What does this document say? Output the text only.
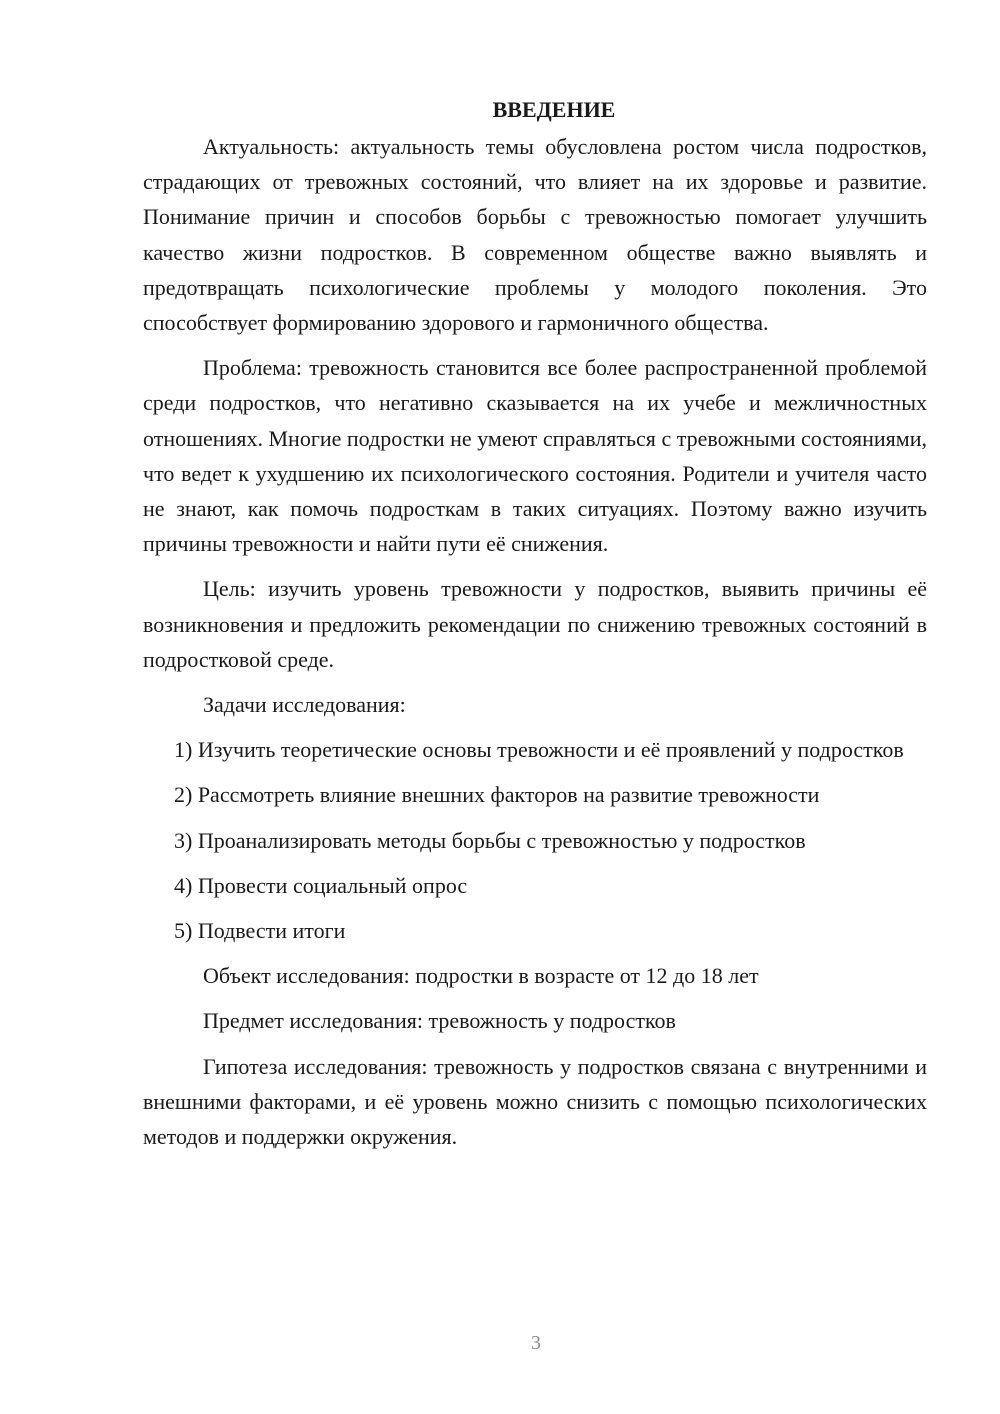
ВВЕДЕНИЕ

Актуальность: актуальность темы обусловлена ростом числа подростков, страдающих от тревожных состояний, что влияет на их здоровье и развитие. Понимание причин и способов борьбы с тревожностью помогает улучшить качество жизни подростков. В современном обществе важно выявлять и предотвращать психологические проблемы у молодого поколения. Это способствует формированию здорового и гармоничного общества.

Проблема: тревожность становится все более распространенной проблемой среди подростков, что негативно сказывается на их учебе и межличностных отношениях. Многие подростки не умеют справляться с тревожными состояниями, что ведет к ухудшению их психологического состояния. Родители и учителя часто не знают, как помочь подросткам в таких ситуациях. Поэтому важно изучить причины тревожности и найти пути её снижения.

Цель: изучить уровень тревожности у подростков, выявить причины её возникновения и предложить рекомендации по снижению тревожных состояний в подростковой среде.

Задачи исследования:

1) Изучить теоретические основы тревожности и её проявлений у подростков

2) Рассмотреть влияние внешних факторов на развитие тревожности

3) Проанализировать методы борьбы с тревожностью у подростков

4) Провести социальный опрос

5) Подвести итоги

Объект исследования: подростки в возрасте от 12 до 18 лет

Предмет исследования: тревожность у подростков

Гипотеза исследования: тревожность у подростков связана с внутренними и внешними факторами, и её уровень можно снизить с помощью психологических методов и поддержки окружения.

3
